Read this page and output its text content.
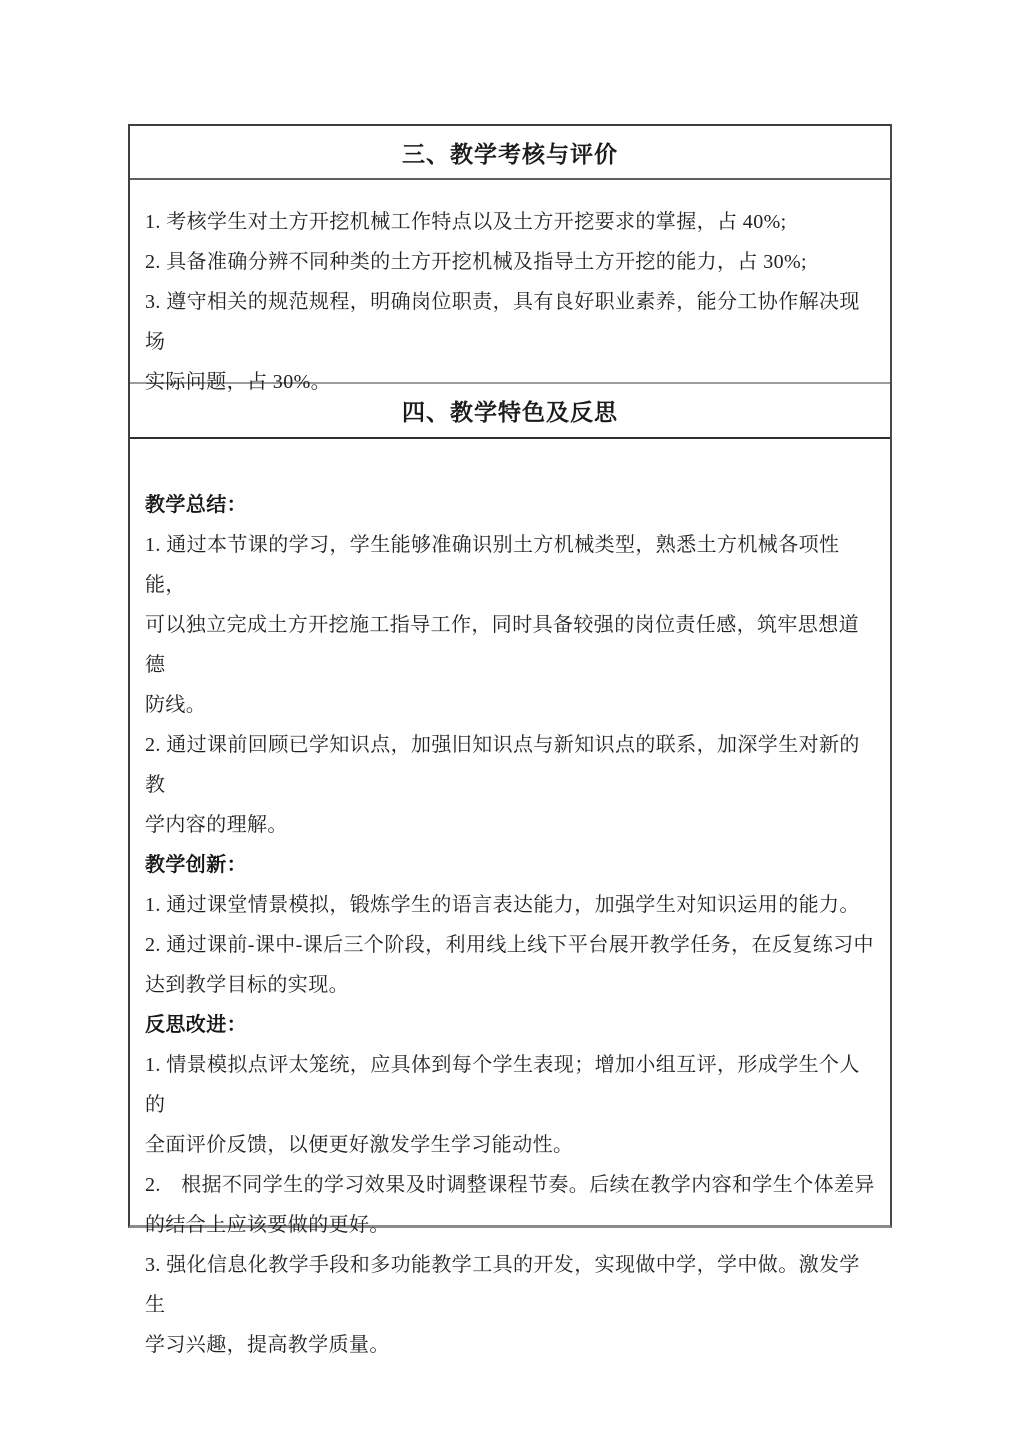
三、教学考核与评价
1. 考核学生对土方开挖机械工作特点以及土方开挖要求的掌握，占 40%;
2. 具备准确分辨不同种类的土方开挖机械及指导土方开挖的能力，占 30%;
3. 遵守相关的规范规程，明确岗位职责，具有良好职业素养，能分工协作解决现场
实际问题，占 30%。
四、教学特色及反思
教学总结：
1. 通过本节课的学习，学生能够准确识别土方机械类型，熟悉土方机械各项性能，
可以独立完成土方开挖施工指导工作，同时具备较强的岗位责任感，筑牢思想道德
防线。
2. 通过课前回顾已学知识点，加强旧知识点与新知识点的联系，加深学生对新的教
学内容的理解。
教学创新：
1. 通过课堂情景模拟，锻炼学生的语言表达能力，加强学生对知识运用的能力。
2. 通过课前-课中-课后三个阶段，利用线上线下平台展开教学任务，在反复练习中
达到教学目标的实现。
反思改进：
1. 情景模拟点评太笼统，应具体到每个学生表现；增加小组互评，形成学生个人的
全面评价反馈，以便更好激发学生学习能动性。
2.　根据不同学生的学习效果及时调整课程节奏。后续在教学内容和学生个体差异
的结合上应该要做的更好。
3. 强化信息化教学手段和多功能教学工具的开发，实现做中学，学中做。激发学生
学习兴趣，提高教学质量。
